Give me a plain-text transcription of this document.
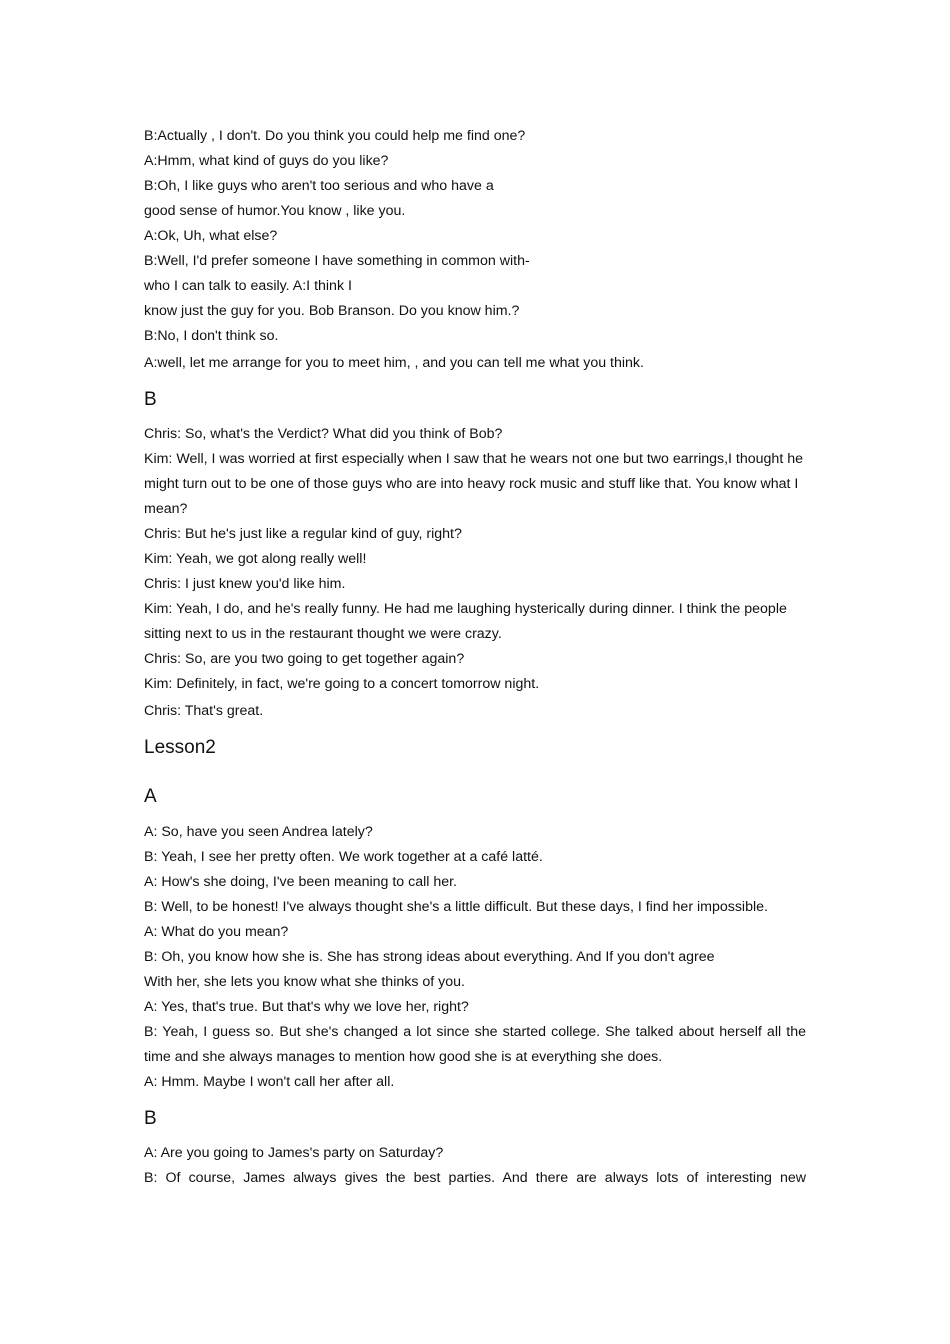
B:Actually , I don't. Do you think you could help me find one?

A:Hmm, what kind of guys do you like?

B:Oh, I like guys who aren't too serious and who have a

good sense of humor.You know , like you.

A:Ok, Uh, what else?

B:Well, I'd prefer someone I have something in common with-

who I can talk to easily. A:I think I

know just the guy for you. Bob Branson. Do you know him.?

B:No, I don't think so.

A:well, let me arrange for you to meet him, , and you can tell me what you think.

B

Chris: So, what's the Verdict? What did you think of Bob?

Kim: Well, I was worried at first especially when I saw that he wears not one but two earrings,I thought he might turn out to be one of those guys who are into heavy rock music and stuff like that. You know what I mean?

Chris: But he's just like a regular kind of guy, right?

Kim: Yeah, we got along really well!

Chris: I just knew you'd like him.

Kim: Yeah, I do, and he's really funny. He had me laughing hysterically during dinner. I think the people sitting next to us in the restaurant thought we were crazy.

Chris: So, are you two going to get together again?

Kim: Definitely, in fact, we're going to a concert tomorrow night.

Chris: That's great.

Lesson2
A

A: So, have you seen Andrea lately?

B: Yeah, I see her pretty often. We work together at a café latté.

A: How's she doing, I've been meaning to call her.

B: Well, to be honest! I've always thought she's a little difficult. But these days, I find her impossible.

A: What do you mean?

B: Oh, you know how she is. She has strong ideas about everything. And If you don't agree

With her, she lets you know what she thinks of you.

A: Yes, that's true. But that's why we love her, right?

B: Yeah, I guess so. But she's changed a lot since she started college. She talked about herself all the time and she always manages to mention how good she is at everything she does.

A: Hmm. Maybe I won't call her after all.

B

A: Are you going to James's party on Saturday?

B: Of course, James always gives the best parties. And there are always lots of interesting new
